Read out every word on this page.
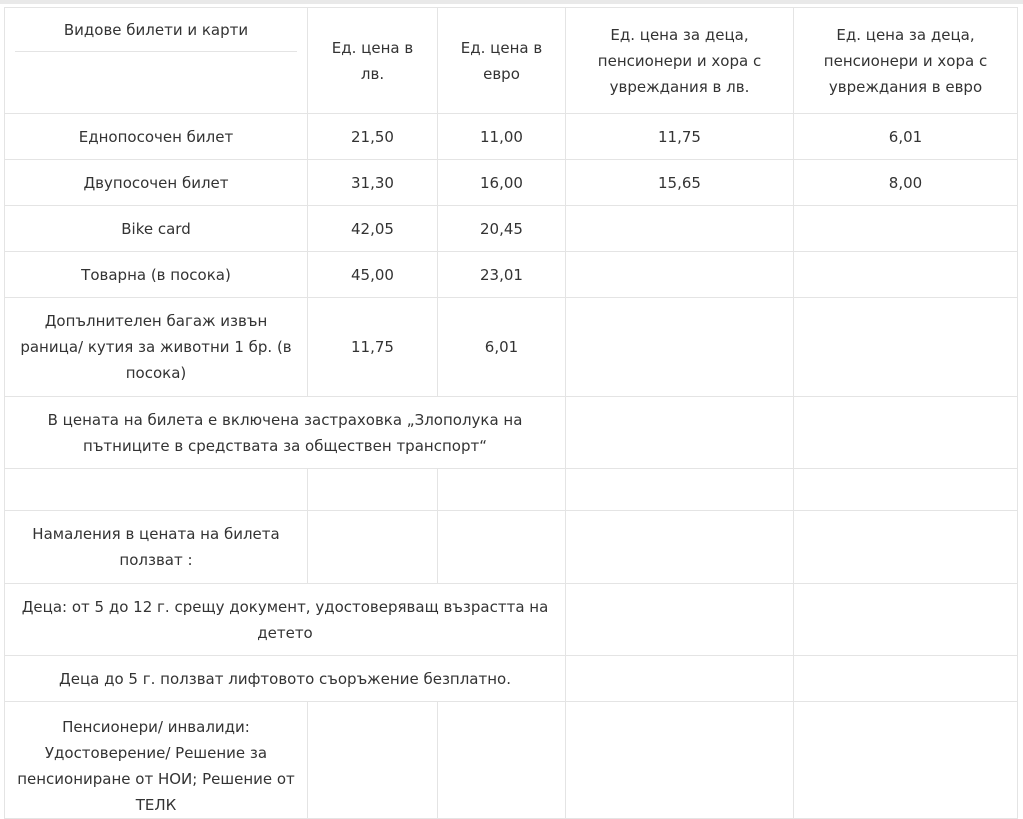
Видове билети и карти	Ед. цена в лв.	Ед. цена в евро	Ед. цена за деца, пенсионери и хора с увреждания в лв.	Ед. цена за деца, пенсионери и хора с увреждания в евро
Еднопосочен билет	21,50	11,00	11,75	6,01
Двупосочен билет	31,30	16,00	15,65	8,00
Bike card	42,05	20,45		
Товарна (в посока)	45,00	23,01		
Допълнителен багаж извън раница/ кутия за животни 1 бр. (в посока)	11,75	6,01		
В цената на билета е включена застраховка „Злополука на пътниците в средствата за обществен транспорт“				

Намаления в цената на билета ползват :				
Деца: от 5 до 12 г. срещу документ, удостоверяващ възрастта на детето				
Деца до 5 г. ползват лифтовото съоръжение безплатно.				
Пенсионери/ инвалиди: Удостоверение/ Решение за пенсиониране от НОИ; Решение от ТЕЛК				
